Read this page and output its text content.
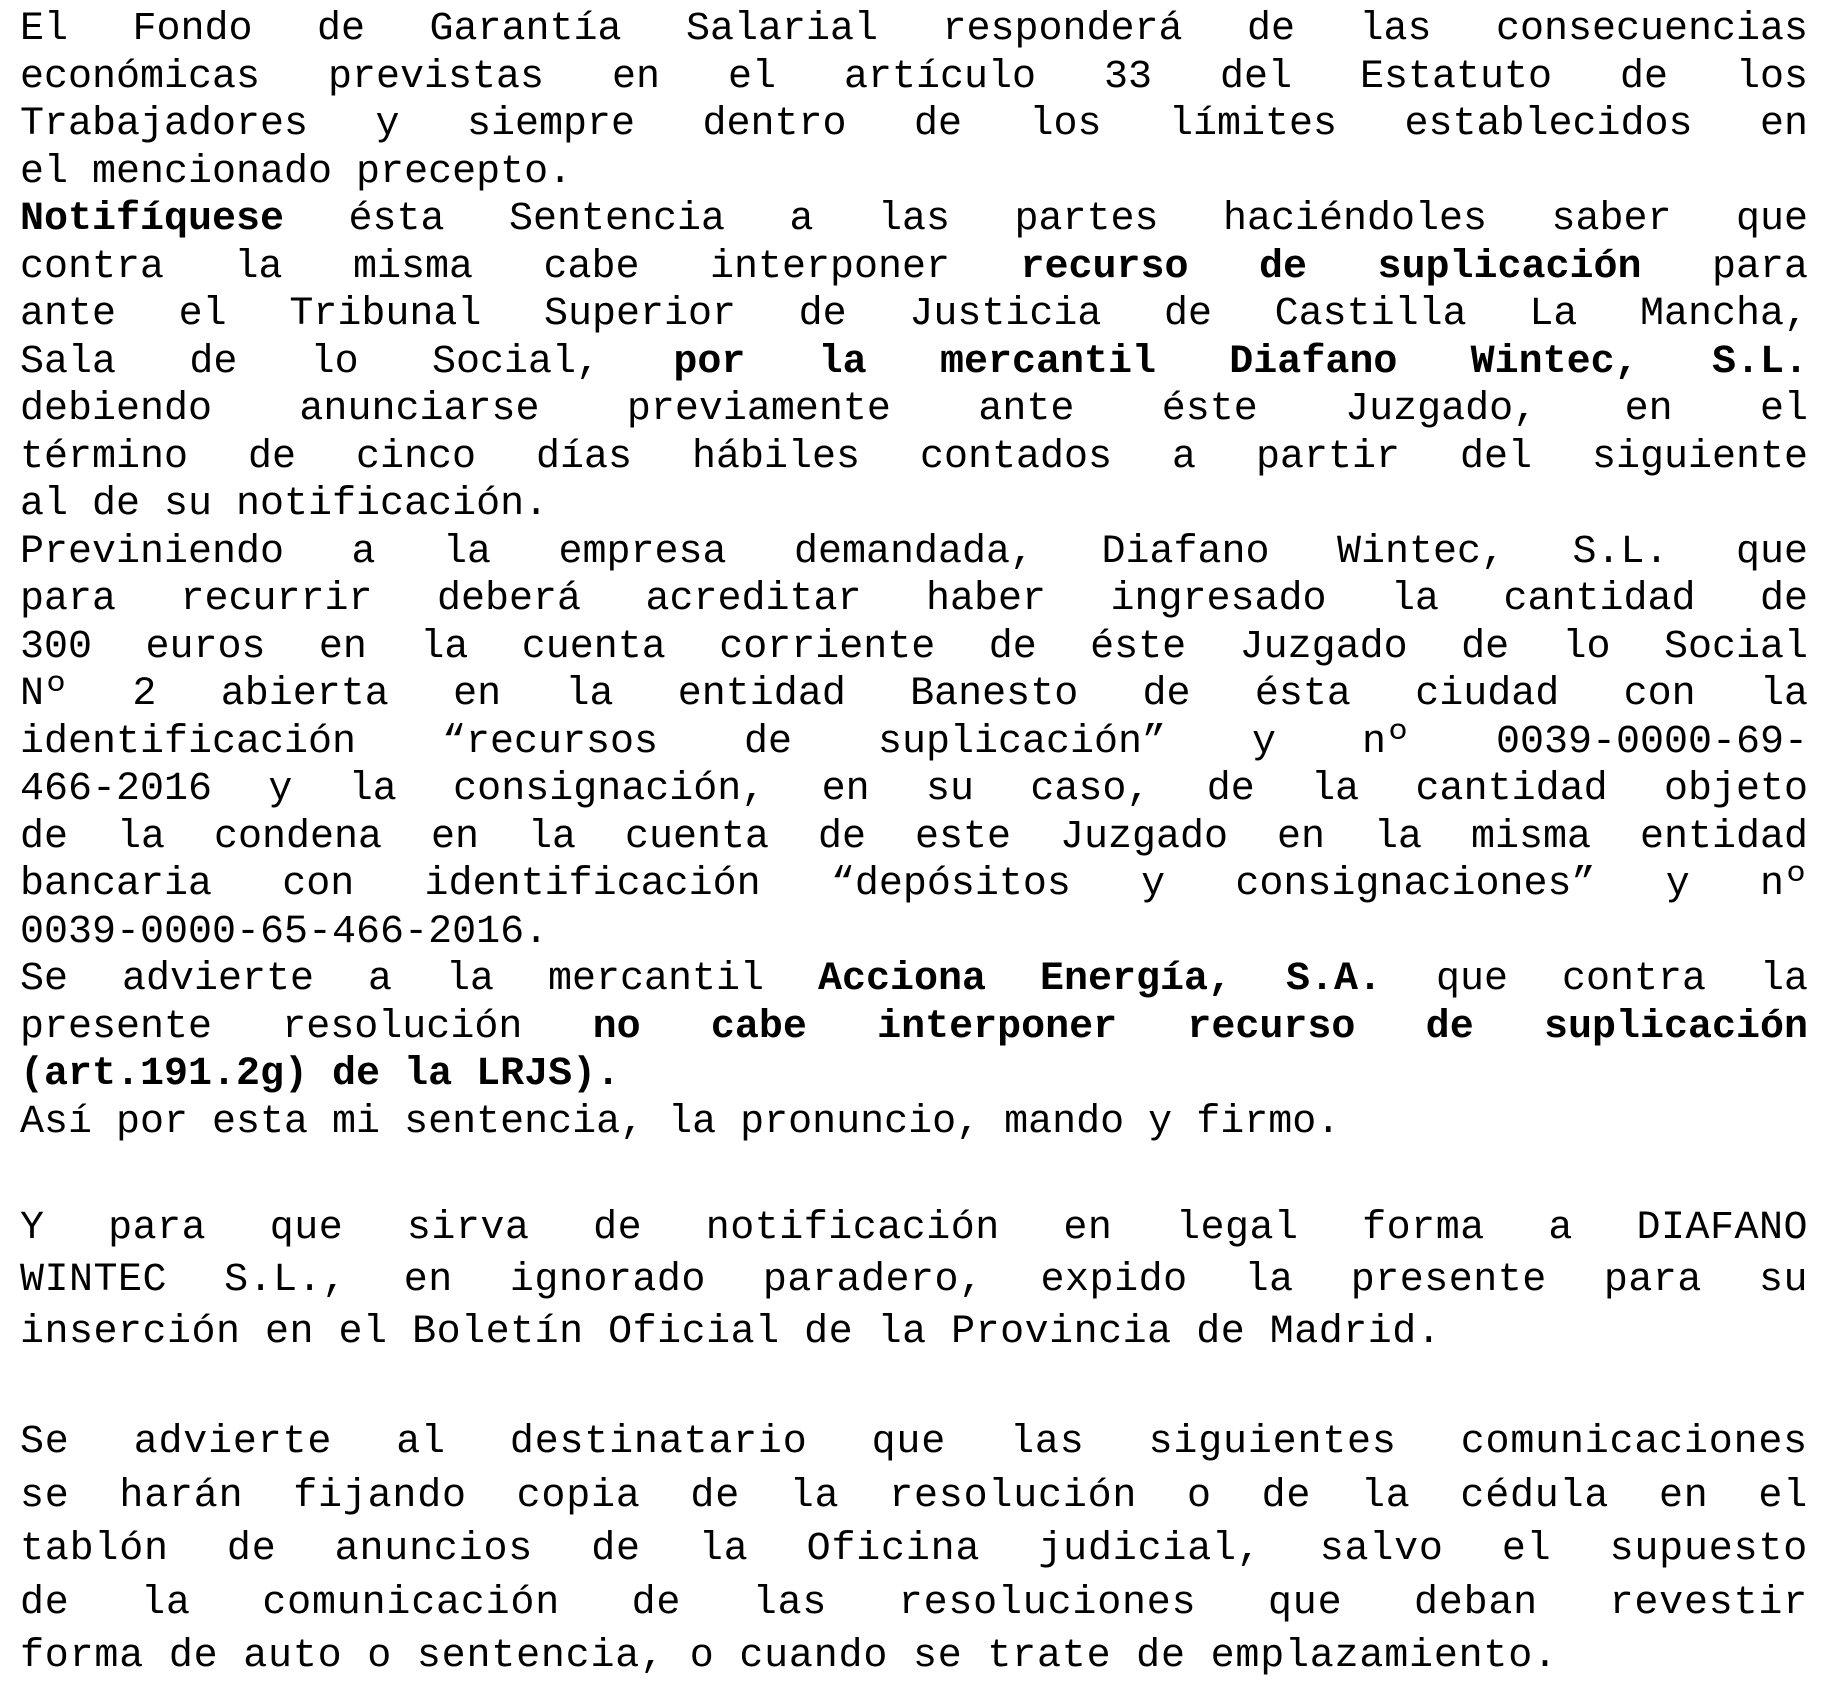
El Fondo de Garantía Salarial responderá de las consecuencias
económicas previstas en el artículo 33 del Estatuto de los
Trabajadores y siempre dentro de los límites establecidos en
el mencionado precepto.
Notifíquese ésta Sentencia a las partes haciéndoles saber que
contra la misma cabe interponer recurso de suplicación para
ante el Tribunal Superior de Justicia de Castilla La Mancha,
Sala de lo Social, por la mercantil Diafano Wintec, S.L.
debiendo anunciarse previamente ante éste Juzgado, en el
término de cinco días hábiles contados a partir del siguiente
al de su notificación.
Previniendo a la empresa demandada, Diafano Wintec, S.L. que
para recurrir deberá acreditar haber ingresado la cantidad de
300 euros en la cuenta corriente de éste Juzgado de lo Social
Nº 2 abierta en la entidad Banesto de ésta ciudad con la
identificación “recursos de suplicación” y nº 0039-0000-69-
466-2016 y la consignación, en su caso, de la cantidad objeto
de la condena en la cuenta de este Juzgado en la misma entidad
bancaria con identificación “depósitos y consignaciones” y nº
0039-0000-65-466-2016.
Se advierte a la mercantil Acciona Energía, S.A. que contra la
presente resolución no cabe interponer recurso de suplicación
(art.191.2g) de la LRJS).
Así por esta mi sentencia, la pronuncio, mando y firmo.
Y para que sirva de notificación en legal forma a DIAFANO
WINTEC S.L., en ignorado paradero, expido la presente para su
inserción en el Boletín Oficial de la Provincia de Madrid.
Se advierte al destinatario que las siguientes comunicaciones
se harán fijando copia de la resolución o de la cédula en el
tablón de anuncios de la Oficina judicial, salvo el supuesto
de la comunicación de las resoluciones que deban revestir
forma de auto o sentencia, o cuando se trate de emplazamiento.
